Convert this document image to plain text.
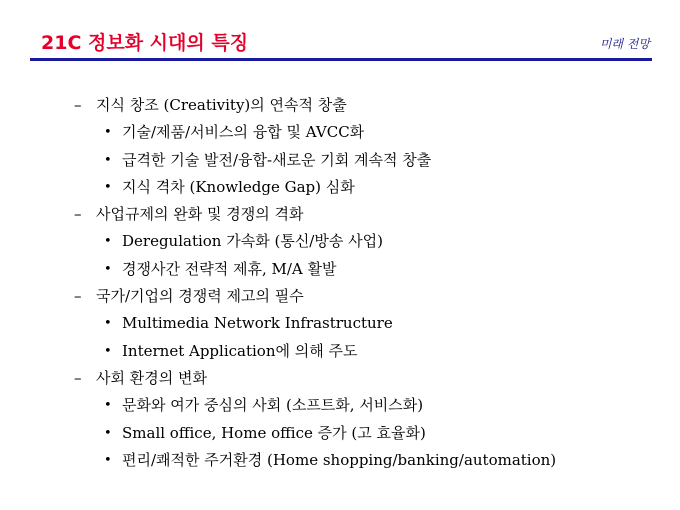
21C 정보화 시대의 특징	미래 전망
– 지식 창조 (Creativity)의 연속적 창출
• 기술/제품/서비스의 융합 및 AVCC화
• 급격한 기술 발전/융합-새로운 기회 계속적 창출
• 지식 격차 (Knowledge Gap) 심화
– 사업규제의 완화 및 경쟁의 격화
• Deregulation 가속화 (통신/방송 사업)
• 경쟁사간 전략적 제휴, M/A 활발
– 국가/기업의 경쟁력 제고의 필수
• Multimedia Network Infrastructure
• Internet Application에 의해 주도
– 사회 환경의 변화
• 문화와 여가 중심의 사회 (소프트화, 서비스화)
• Small office, Home office 증가 (고 효율화)
• 편리/쾌적한 주거환경 (Home shopping/banking/automation)
